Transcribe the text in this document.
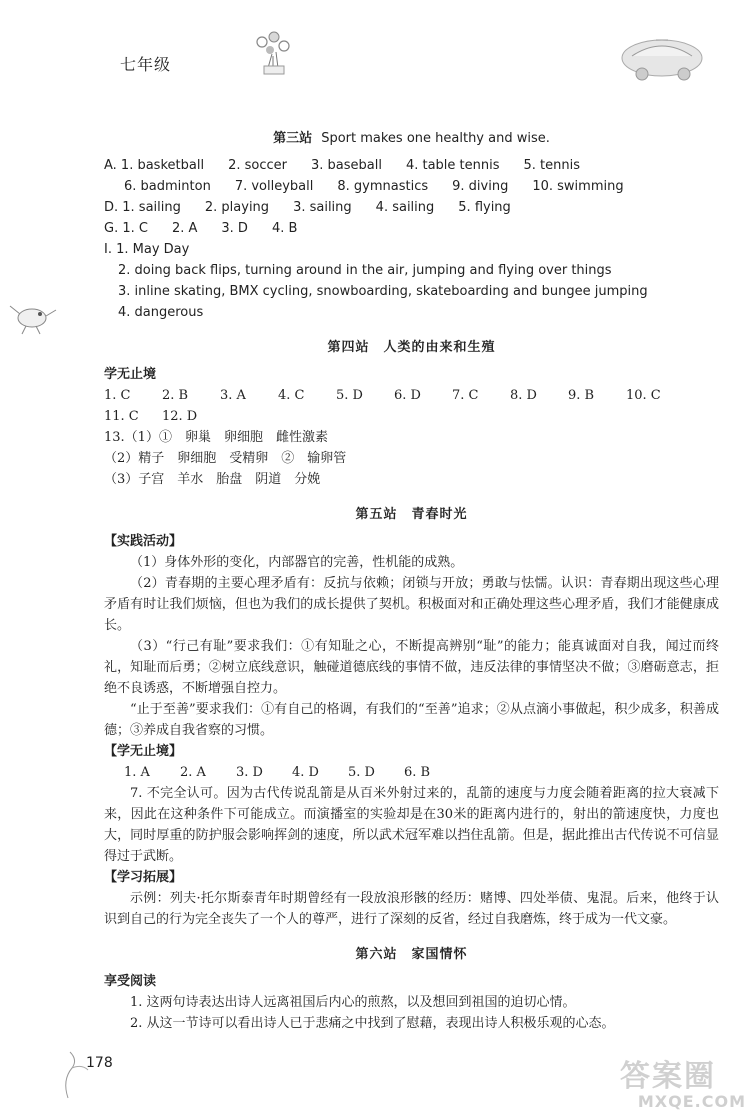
七年级
第三站 Sport makes one healthy and wise.
A. 1. basketball 2. soccer 3. baseball 4. table tennis 5. tennis
6. badminton 7. volleyball 8. gymnastics 9. diving 10. swimming
D. 1. sailing 2. playing 3. sailing 4. sailing 5. flying
G. 1. C 2. A 3. D 4. B
I. 1. May Day
2. doing back flips, turning around in the air, jumping and flying over things
3. inline skating, BMX cycling, snowboarding, skateboarding and bungee jumping
4. dangerous
第四站　人类的由来和生殖
学无止境
1. C 2. B 3. A 4. C 5. D 6. D 7. C 8. D 9. B 10. C
11. C 12. D
13.（1）①　卵巢　卵细胞　雌性激素
（2）精子　卵细胞　受精卵　②　输卵管
（3）子宫　羊水　胎盘　阴道　分娩
第五站　青春时光
【实践活动】
（1）身体外形的变化，内部器官的完善，性机能的成熟。
（2）青春期的主要心理矛盾有：反抗与依赖；闭锁与开放；勇敢与怯懦。认识：青春期出现这些心理矛盾有时让我们烦恼，但也为我们的成长提供了契机。积极面对和正确处理这些心理矛盾，我们才能健康成长。
（3）“行己有耻”要求我们：①有知耻之心，不断提高辨别“耻”的能力；能真诚面对自我，闻过而终礼，知耻而后勇；②树立底线意识，触碰道德底线的事情不做，违反法律的事情坚决不做；③磨砺意志，拒绝不良诱惑，不断增强自控力。
“止于至善”要求我们：①有自己的格调，有我们的“至善”追求；②从点滴小事做起，积少成多，积善成德；③养成自我省察的习惯。
【学无止境】
1. A 2. A 3. D 4. D 5. D 6. B
7. 不完全认可。因为古代传说乱箭是从百米外射过来的，乱箭的速度与力度会随着距离的拉大衰减下来，因此在这种条件下可能成立。而演播室的实验却是在30米的距离内进行的，射出的箭速度快，力度也大，同时厚重的防护服会影响挥剑的速度，所以武术冠军难以挡住乱箭。但是，据此推出古代传说不可信显得过于武断。
【学习拓展】
示例：列夫·托尔斯泰青年时期曾经有一段放浪形骸的经历：赌博、四处举债、鬼混。后来，他终于认识到自己的行为完全丧失了一个人的尊严，进行了深刻的反省，经过自我磨炼，终于成为一代文豪。
第六站　家国情怀
享受阅读
1. 这两句诗表达出诗人远离祖国后内心的煎熬，以及想回到祖国的迫切心情。
2. 从这一节诗可以看出诗人已于悲痛之中找到了慰藉，表现出诗人积极乐观的心态。
178	答案圈
MXQE.COM
